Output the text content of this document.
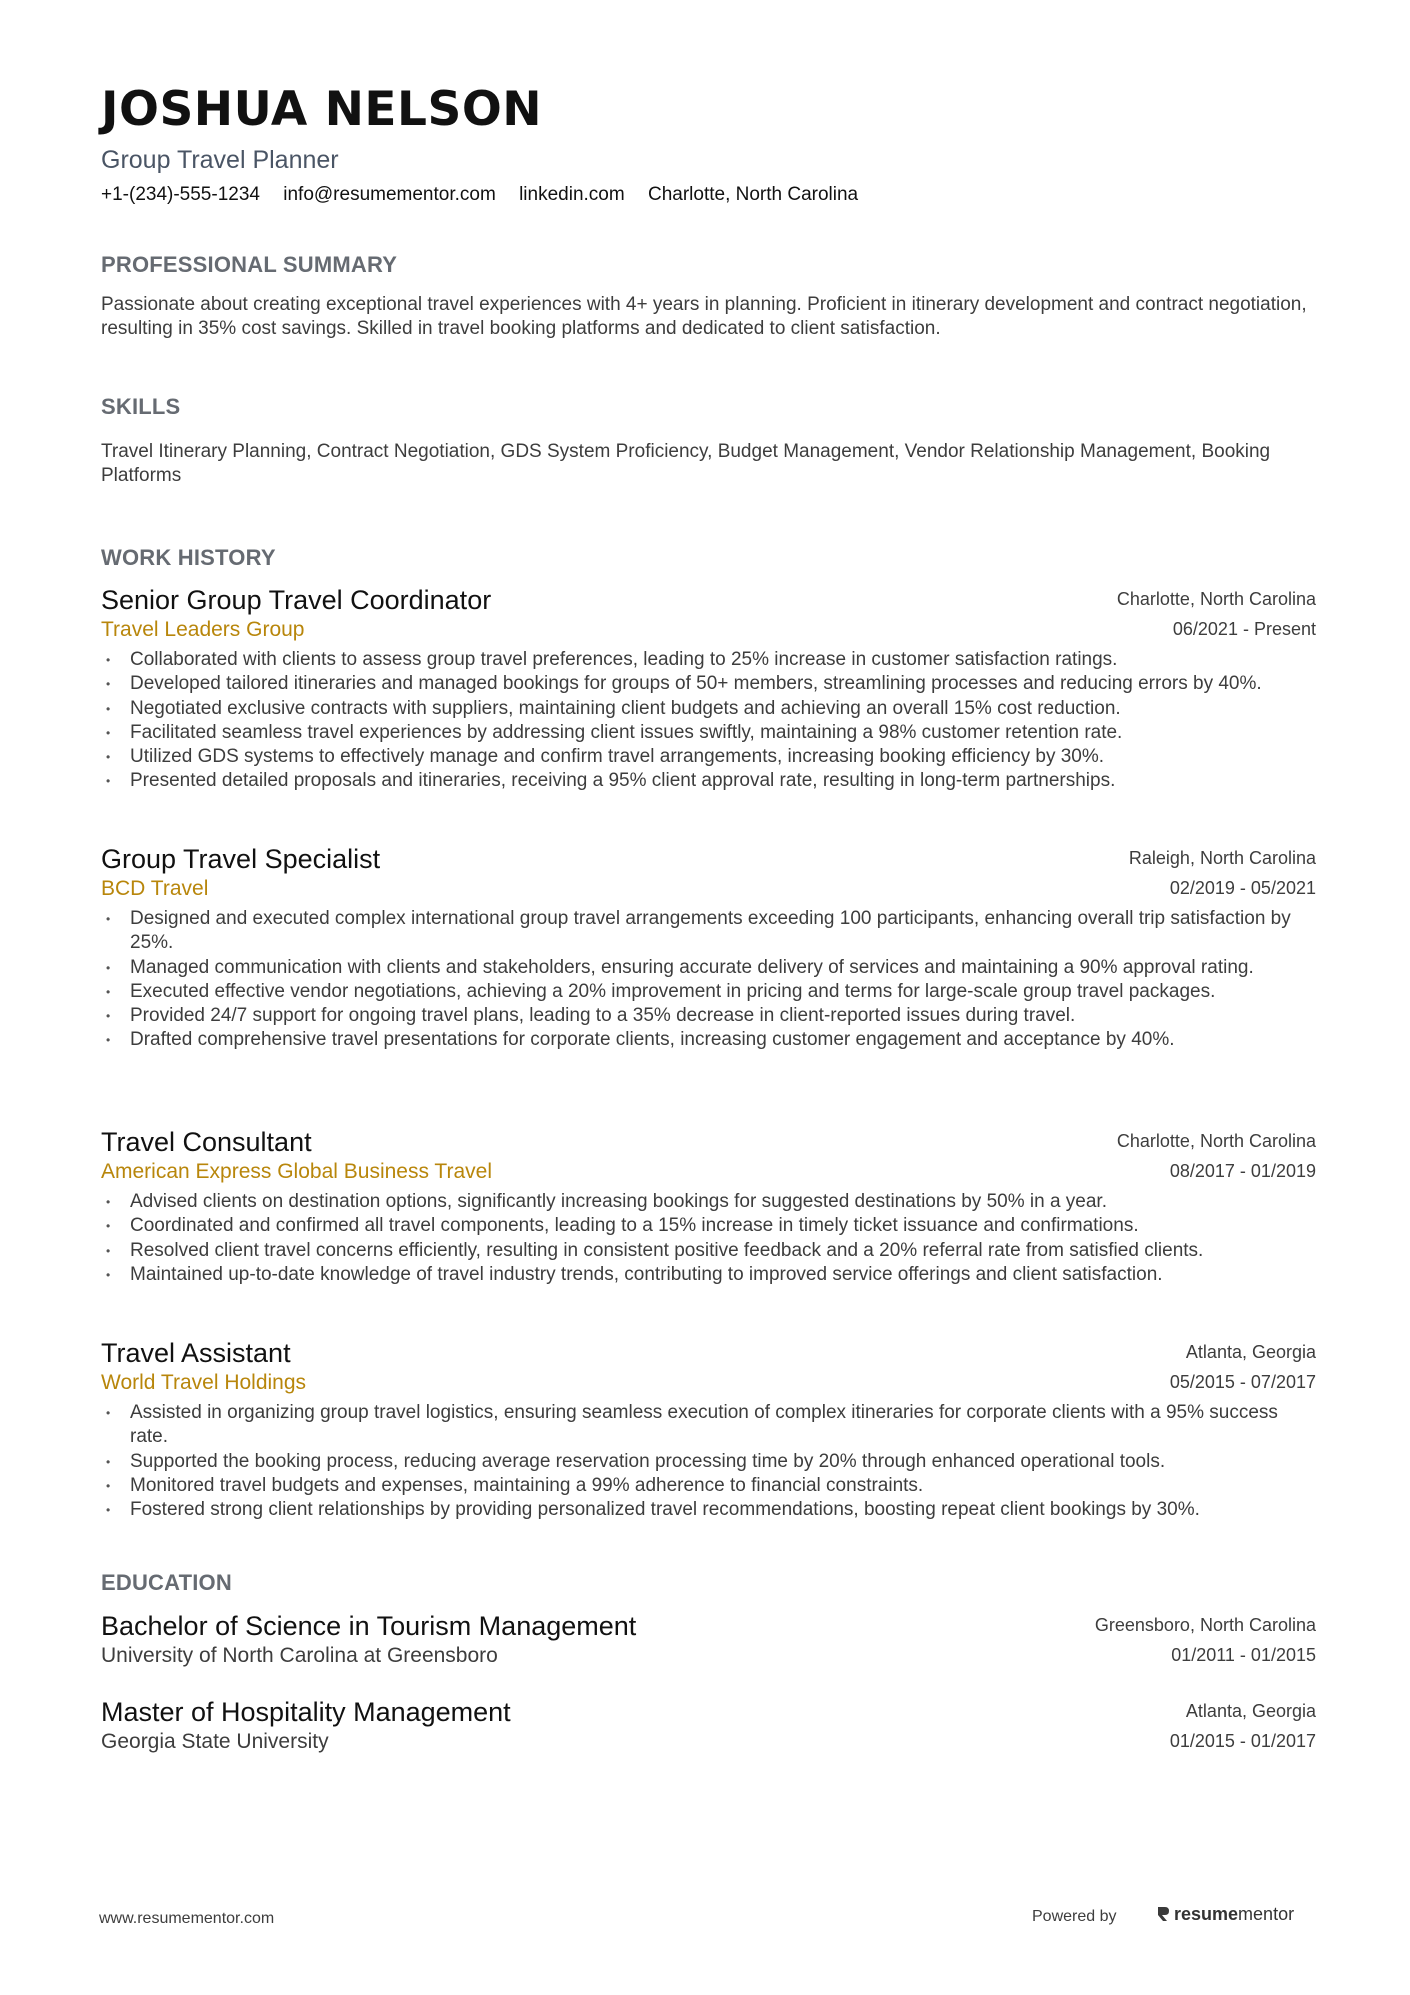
JOSHUA NELSON
Group Travel Planner
+1-(234)-555-1234 info@resumementor.com linkedin.com Charlotte, North Carolina
PROFESSIONAL SUMMARY

Passionate about creating exceptional travel experiences with 4+ years in planning. Proficient in itinerary development and contract negotiation, resulting in 35% cost savings. Skilled in travel booking platforms and dedicated to client satisfaction.

SKILLS

Travel Itinerary Planning, Contract Negotiation, GDS System Proficiency, Budget Management, Vendor Relationship Management, Booking Platforms

WORK HISTORY
Senior Group Travel Coordinator
Travel Leaders Group
Charlotte, North Carolina
06/2021 - Present
• Collaborated with clients to assess group travel preferences, leading to 25% increase in customer satisfaction ratings.
• Developed tailored itineraries and managed bookings for groups of 50+ members, streamlining processes and reducing errors by 40%.
• Negotiated exclusive contracts with suppliers, maintaining client budgets and achieving an overall 15% cost reduction.
• Facilitated seamless travel experiences by addressing client issues swiftly, maintaining a 98% customer retention rate.
• Utilized GDS systems to effectively manage and confirm travel arrangements, increasing booking efficiency by 30%.
• Presented detailed proposals and itineraries, receiving a 95% client approval rate, resulting in long-term partnerships.
Group Travel Specialist
BCD Travel
Raleigh, North Carolina
02/2019 - 05/2021
• Designed and executed complex international group travel arrangements exceeding 100 participants, enhancing overall trip satisfaction by 25%.
• Managed communication with clients and stakeholders, ensuring accurate delivery of services and maintaining a 90% approval rating.
• Executed effective vendor negotiations, achieving a 20% improvement in pricing and terms for large-scale group travel packages.
• Provided 24/7 support for ongoing travel plans, leading to a 35% decrease in client-reported issues during travel.
• Drafted comprehensive travel presentations for corporate clients, increasing customer engagement and acceptance by 40%.
Travel Consultant
American Express Global Business Travel
Charlotte, North Carolina
08/2017 - 01/2019
• Advised clients on destination options, significantly increasing bookings for suggested destinations by 50% in a year.
• Coordinated and confirmed all travel components, leading to a 15% increase in timely ticket issuance and confirmations.
• Resolved client travel concerns efficiently, resulting in consistent positive feedback and a 20% referral rate from satisfied clients.
• Maintained up-to-date knowledge of travel industry trends, contributing to improved service offerings and client satisfaction.
Travel Assistant
World Travel Holdings
Atlanta, Georgia
05/2015 - 07/2017
• Assisted in organizing group travel logistics, ensuring seamless execution of complex itineraries for corporate clients with a 95% success rate.
• Supported the booking process, reducing average reservation processing time by 20% through enhanced operational tools.
• Monitored travel budgets and expenses, maintaining a 99% adherence to financial constraints.
• Fostered strong client relationships by providing personalized travel recommendations, boosting repeat client bookings by 30%.
EDUCATION
Bachelor of Science in Tourism Management
University of North Carolina at Greensboro
Greensboro, North Carolina
01/2011 - 01/2015
Master of Hospitality Management
Georgia State University
Atlanta, Georgia
01/2015 - 01/2017
www.resumementor.com	Powered by	resumementor
